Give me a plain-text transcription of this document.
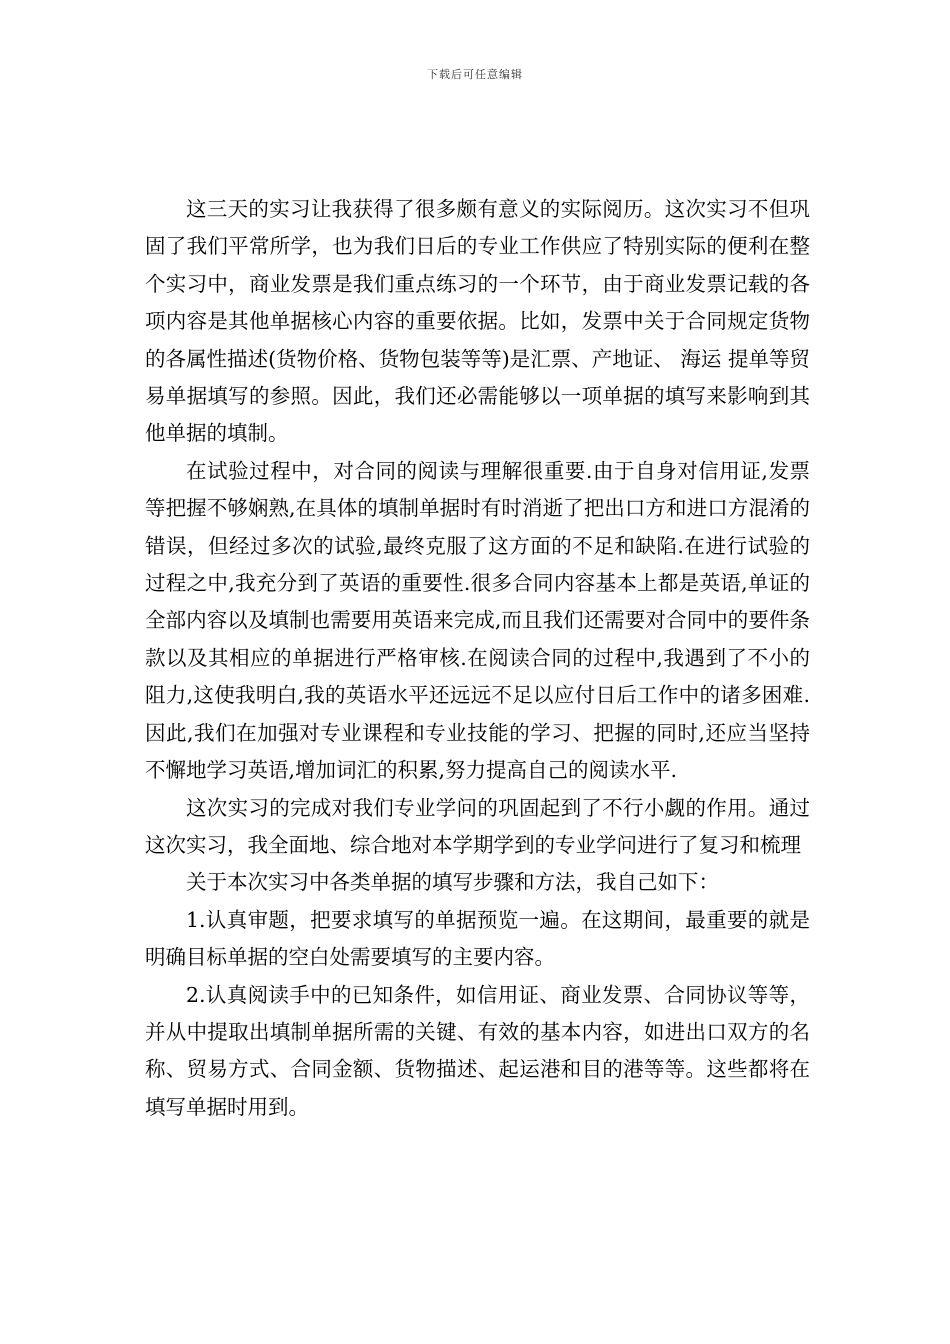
下载后可任意编辑

这三天的实习让我获得了很多颇有意义的实际阅历。这次实习不但巩固了我们平常所学，也为我们日后的专业工作供应了特别实际的便利在整个实习中，商业发票是我们重点练习的一个环节，由于商业发票记载的各项内容是其他单据核心内容的重要依据。比如，发票中关于合同规定货物的各属性描述(货物价格、货物包装等等)是汇票、产地证、 海运 提单等贸易单据填写的参照。因此，我们还必需能够以一项单据的填写来影响到其他单据的填制。

在试验过程中，对合同的阅读与理解很重要.由于自身对信用证,发票等把握不够娴熟,在具体的填制单据时有时消逝了把出口方和进口方混淆的错误，但经过多次的试验,最终克服了这方面的不足和缺陷.在进行试验的过程之中,我充分到了英语的重要性.很多合同内容基本上都是英语,单证的全部内容以及填制也需要用英语来完成,而且我们还需要对合同中的要件条款以及其相应的单据进行严格审核.在阅读合同的过程中,我遇到了不小的阻力,这使我明白,我的英语水平还远远不足以应付日后工作中的诸多困难.因此,我们在加强对专业课程和专业技能的学习、把握的同时,还应当坚持不懈地学习英语,增加词汇的积累,努力提高自己的阅读水平.

这次实习的完成对我们专业学问的巩固起到了不行小觑的作用。通过这次实习，我全面地、综合地对本学期学到的专业学问进行了复习和梳理

关于本次实习中各类单据的填写步骤和方法，我自己如下：

1.认真审题，把要求填写的单据预览一遍。在这期间，最重要的就是明确目标单据的空白处需要填写的主要内容。

2.认真阅读手中的已知条件，如信用证、商业发票、合同协议等等，并从中提取出填制单据所需的关键、有效的基本内容，如进出口双方的名称、贸易方式、合同金额、货物描述、起运港和目的港等等。这些都将在填写单据时用到。
